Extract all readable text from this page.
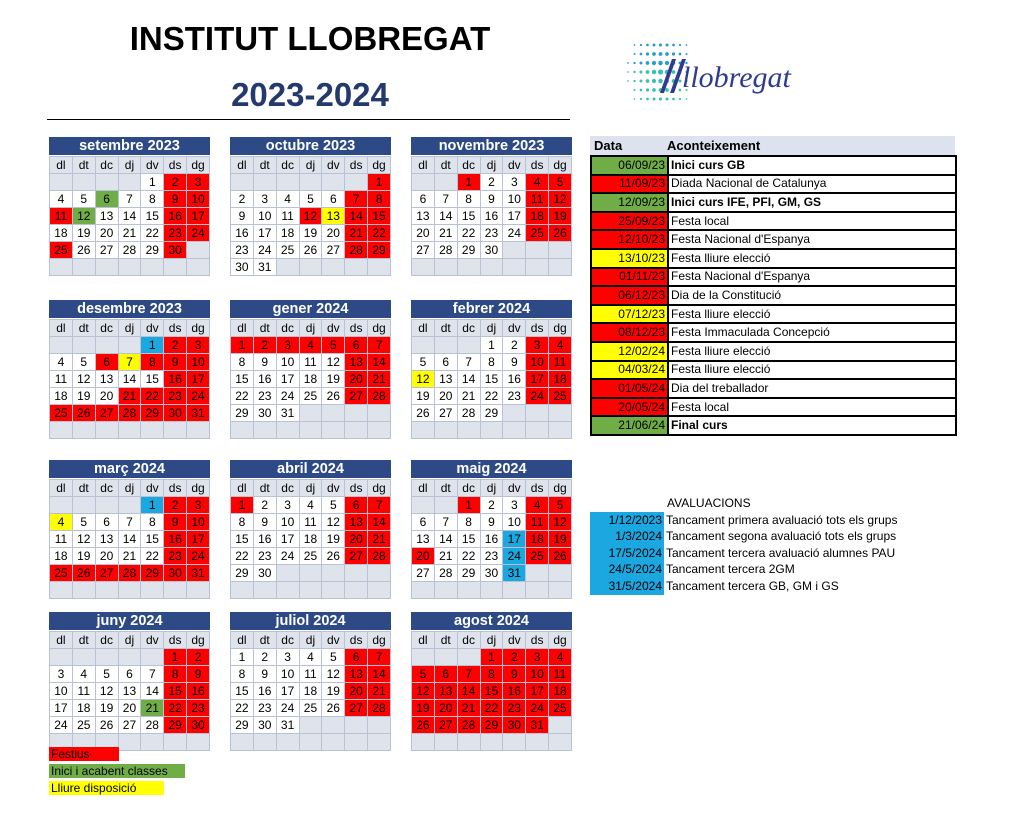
INSTITUT LLOBREGAT
2023-2024	llobregat
setembre 2023
dl	dt	dc	dj	dv	ds	dg
				1	2	3
4	5	6	7	8	9	10
11	12	13	14	15	16	17
18	19	20	21	22	23	24
25	26	27	28	29	30	

octubre 2023
dl	dt	dc	dj	dv	ds	dg
						1
2	3	4	5	6	7	8
9	10	11	12	13	14	15
16	17	18	19	20	21	22
23	24	25	26	27	28	29
30	31					
novembre 2023
dl	dt	dc	dj	dv	ds	dg
		1	2	3	4	5
6	7	8	9	10	11	12
13	14	15	16	17	18	19
20	21	22	23	24	25	26
27	28	29	30			

desembre 2023
dl	dt	dc	dj	dv	ds	dg
				1	2	3
4	5	6	7	8	9	10
11	12	13	14	15	16	17
18	19	20	21	22	23	24
25	26	27	28	29	30	31

gener 2024
dl	dt	dc	dj	dv	ds	dg
1	2	3	4	5	6	7
8	9	10	11	12	13	14
15	16	17	18	19	20	21
22	23	24	25	26	27	28
29	30	31				

febrer 2024
dl	dt	dc	dj	dv	ds	dg
			1	2	3	4
5	6	7	8	9	10	11
12	13	14	15	16	17	18
19	20	21	22	23	24	25
26	27	28	29			

març 2024
dl	dt	dc	dj	dv	ds	dg
				1	2	3
4	5	6	7	8	9	10
11	12	13	14	15	16	17
18	19	20	21	22	23	24
25	26	27	28	29	30	31

abril 2024
dl	dt	dc	dj	dv	ds	dg
1	2	3	4	5	6	7
8	9	10	11	12	13	14
15	16	17	18	19	20	21
22	23	24	25	26	27	28
29	30					

maig 2024
dl	dt	dc	dj	dv	ds	dg
		1	2	3	4	5
6	7	8	9	10	11	12
13	14	15	16	17	18	19
20	21	22	23	24	25	26
27	28	29	30	31		

juny 2024
dl	dt	dc	dj	dv	ds	dg
					1	2
3	4	5	6	7	8	9
10	11	12	13	14	15	16
17	18	19	20	21	22	23
24	25	26	27	28	29	30

juliol 2024
dl	dt	dc	dj	dv	ds	dg
1	2	3	4	5	6	7
8	9	10	11	12	13	14
15	16	17	18	19	20	21
22	23	24	25	26	27	28
29	30	31				

agost 2024
dl	dt	dc	dj	dv	ds	dg
			1	2	3	4
5	6	7	8	9	10	11
12	13	14	15	16	17	18
19	20	21	22	23	24	25
26	27	28	29	30	31	

Data	Aconteixement
06/09/23	Inici curs GB
11/09/23	Diada Nacional de Catalunya
12/09/23	Inici curs IFE, PFI, GM, GS
25/09/23	Festa local
12/10/23	Festa Nacional d'Espanya
13/10/23	Festa lliure elecció
01/11/23	Festa Nacional d'Espanya
06/12/23	Dia de la Constitució
07/12/23	Festa lliure elecció
08/12/23	Festa Immaculada Concepció
12/02/24	Festa lliure elecció
04/03/24	Festa lliure elecció
01/05/24	Dia del treballador
20/05/24	Festa local
21/06/24	Final curs
AVALUACIONS
1/12/2023	Tancament primera avaluació tots els grups
1/3/2024	Tancament segona avaluació tots els grups
17/5/2024	Tancament tercera avaluació alumnes PAU
24/5/2024	Tancament tercera 2GM
31/5/2024	Tancament tercera GB, GM i GS
Festius
Inici i acabent classes
Lliure disposició
